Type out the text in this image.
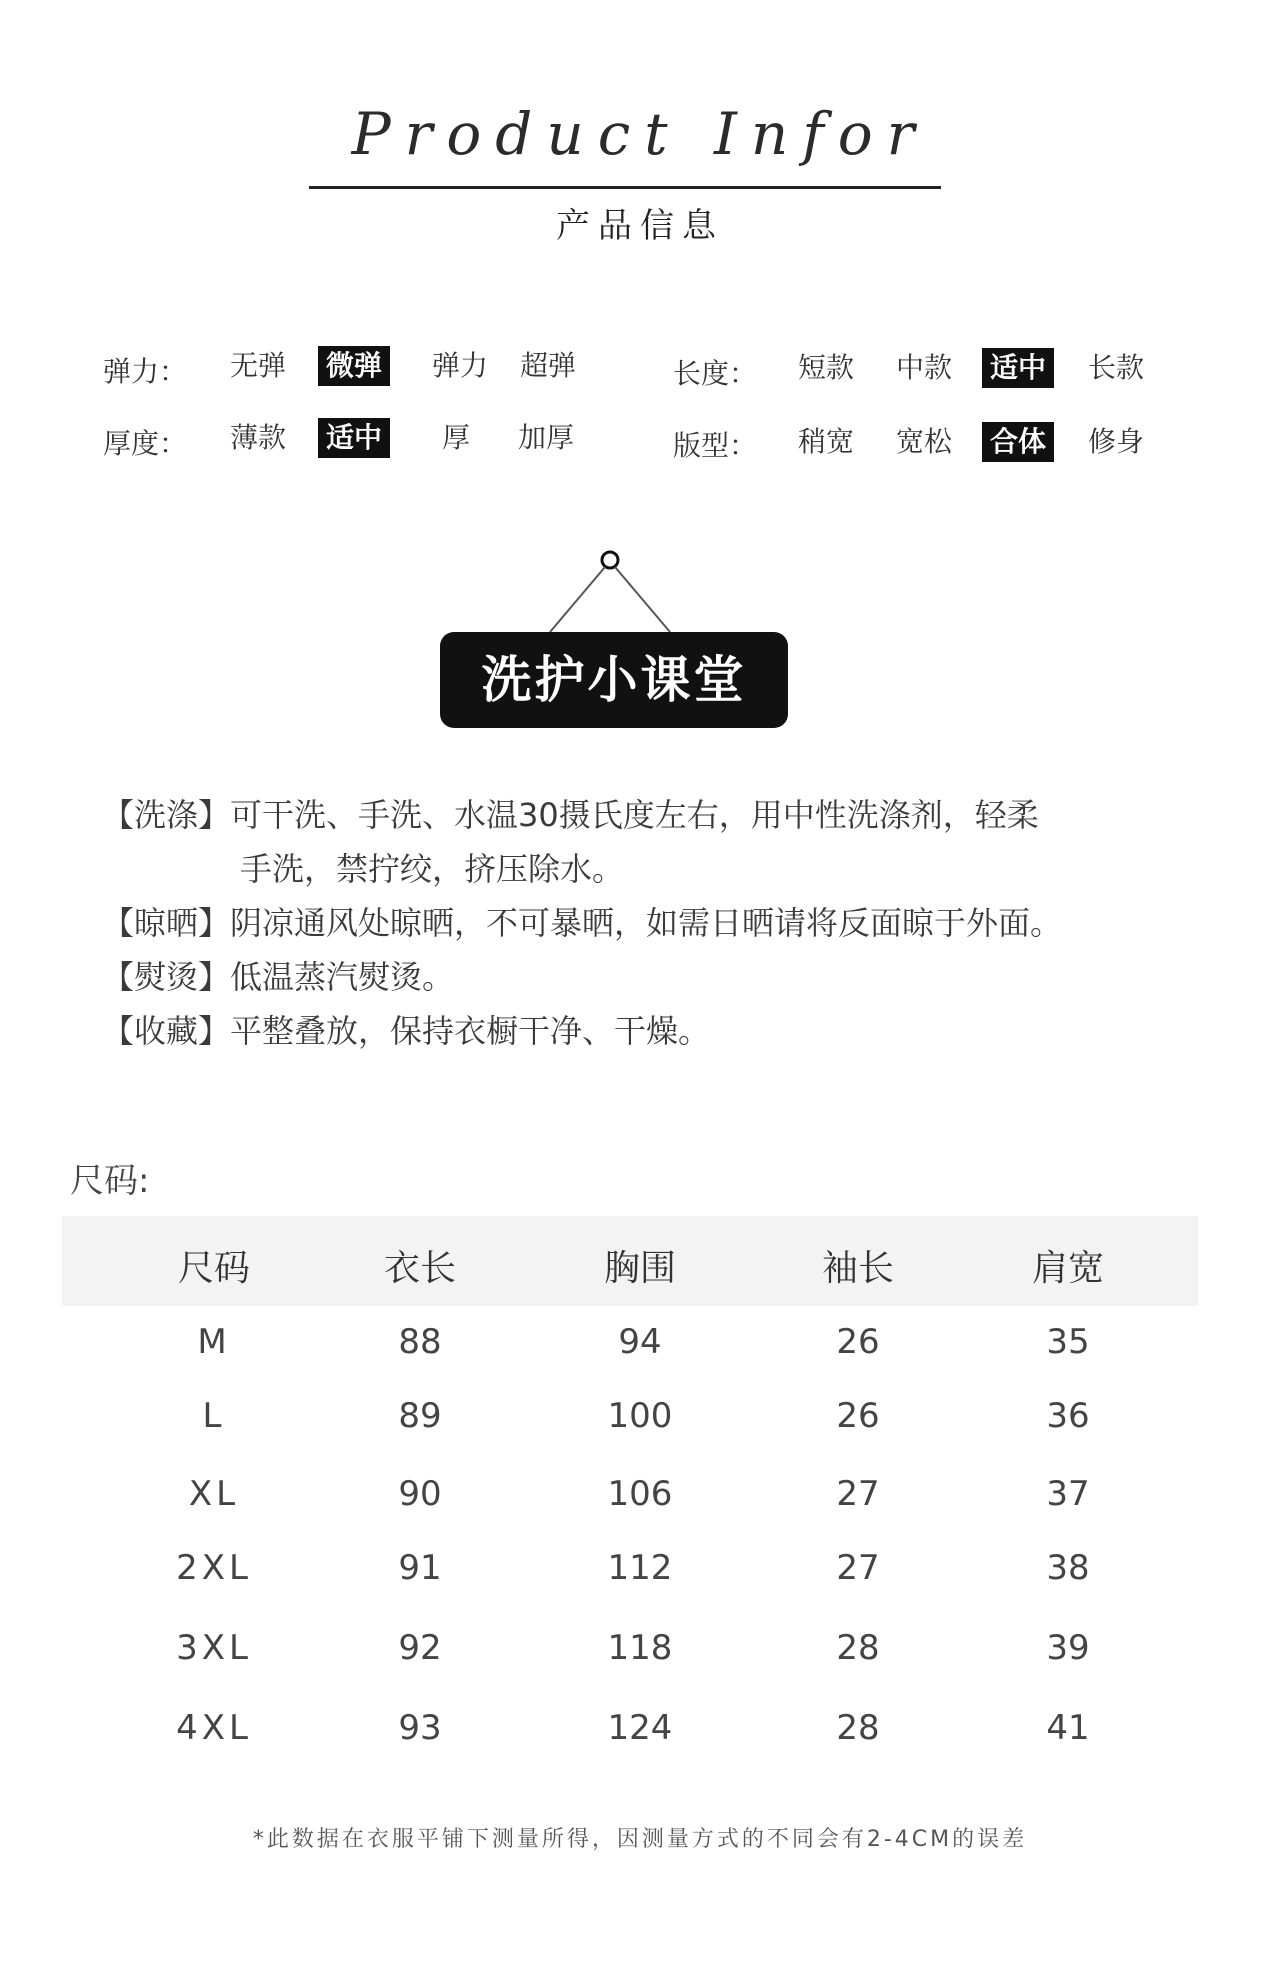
Product Infor
产品信息
弹力： 无弹 微弹 弹力 超弹
厚度： 薄款 适中 厚 加厚
长度： 短款 中款 适中 长款
版型： 稍宽 宽松 合体 修身
洗护小课堂
【洗涤】可干洗、手洗、水温30摄氏度左右，用中性洗涤剂，轻柔
手洗，禁拧绞，挤压除水。
【晾晒】阴凉通风处晾晒，不可暴晒，如需日晒请将反面晾于外面。
【熨烫】低温蒸汽熨烫。
【收藏】平整叠放，保持衣橱干净、干燥。
尺码:
尺码	衣长	胸围	袖长	肩宽
M	88	94	26	35
L	89	100	26	36
XL	90	106	27	37
2XL	91	112	27	38
3XL	92	118	28	39
4XL	93	124	28	41
*此数据在衣服平铺下测量所得，因测量方式的不同会有2-4CM的误差
